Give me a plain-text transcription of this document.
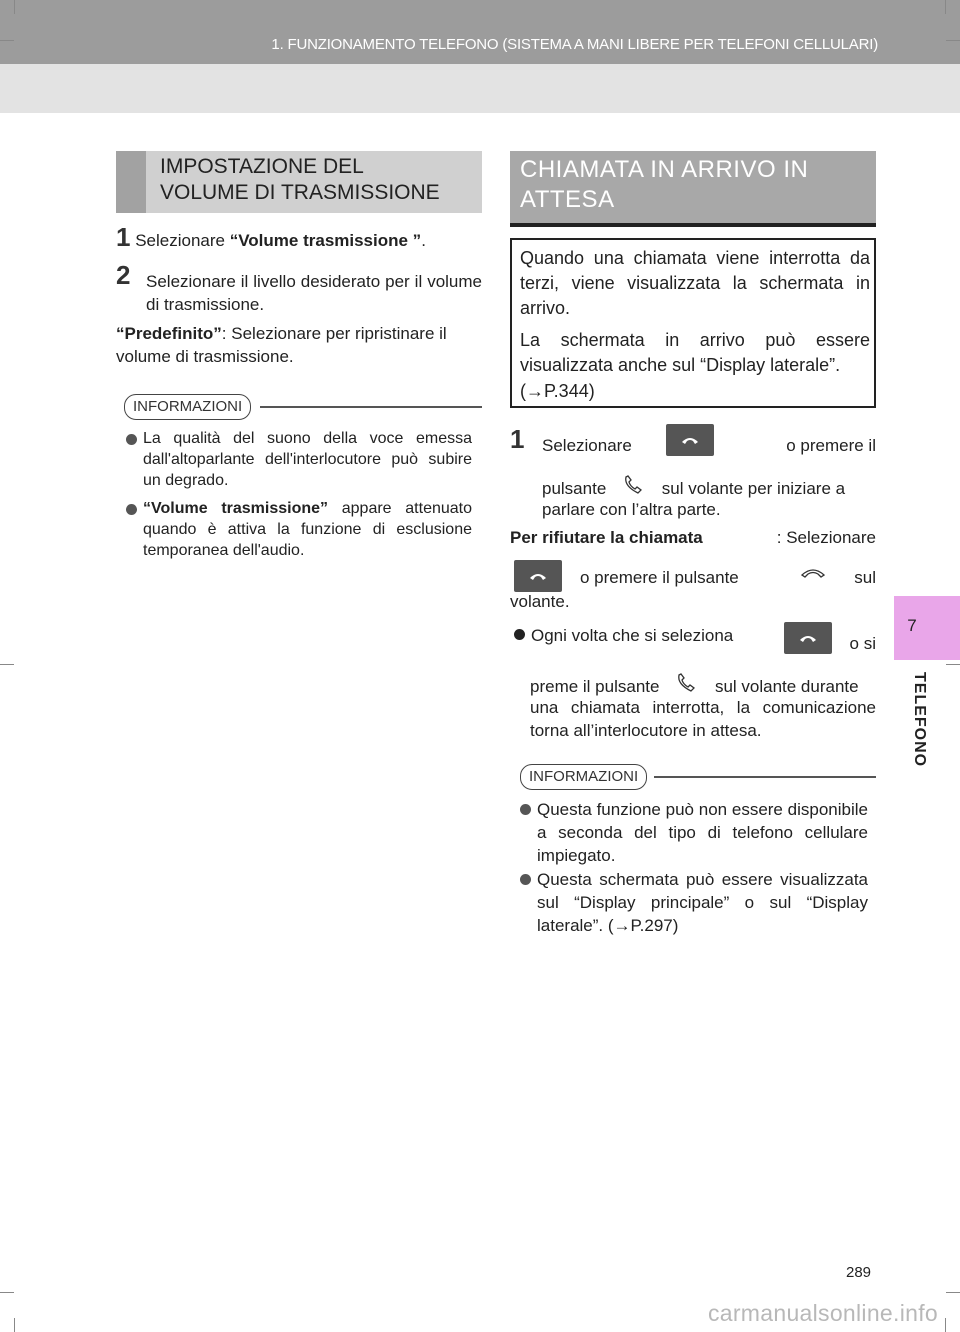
1. FUNZIONAMENTO TELEFONO (SISTEMA A MANI LIBERE PER TELEFONI CELLULARI)
7
TELEFONO
IMPOSTAZIONE DEL
VOLUME DI TRASMISSIONE
1 Selezionare “Volume trasmissione ”.
2 Selezionare il livello desiderato per il volume di trasmissione.
“Predefinito”: Selezionare per ripristinare il volume di trasmissione.
INFORMAZIONI
La qualità del suono della voce emessa dall'altoparlante dell'interlocutore può subire un degrado.
“Volume trasmissione” appare attenuato quando è attiva la funzione di esclusione temporanea dell'audio.
CHIAMATA IN ARRIVO IN
ATTESA
Quando una chiamata viene interrotta da terzi, viene visualizzata la schermata in arrivo.
La schermata in arrivo può essere visualizzata anche sul “Display laterale”.
(→P.344)
1 Selezionare	o premere il
pulsante	sul volante per iniziare a
parlare con l’altra parte.
Per rifiutare la chiamata	: Selezionare
o premere il pulsante	sul
volante.
Ogni volta che si seleziona	o si
preme il pulsante	sul volante durante
una chiamata interrotta, la comunicazione torna all’interlocutore in attesa.
INFORMAZIONI
Questa funzione può non essere disponibile a seconda del tipo di telefono cellulare impiegato.
Questa schermata può essere visualizzata sul “Display principale” o sul “Display laterale”. (→P.297)
289
carmanualsonline.info
